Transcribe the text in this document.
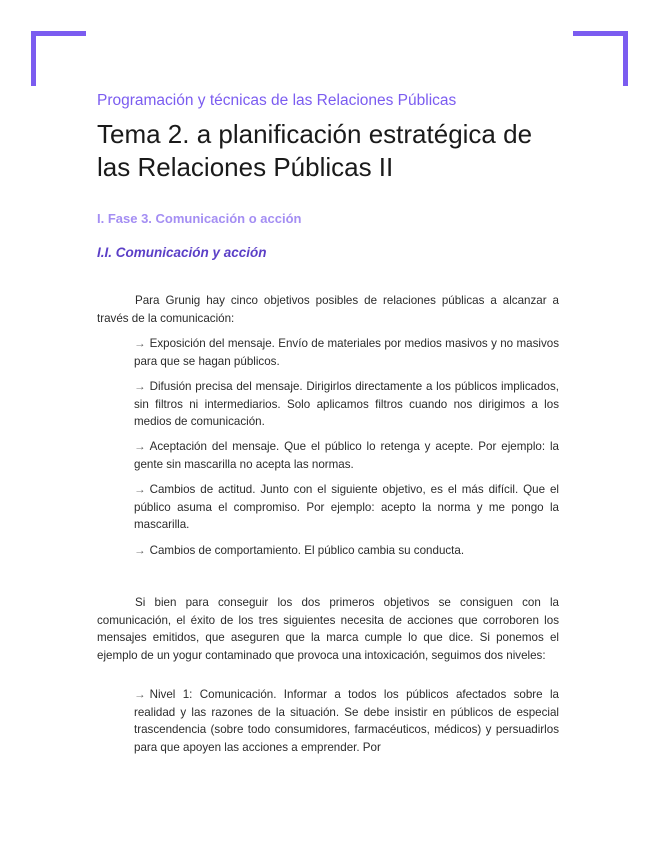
Programación y técnicas de las Relaciones Públicas
Tema 2. a planificación estratégica de las Relaciones Públicas II
I. Fase 3. Comunicación o acción
I.I. Comunicación y acción

Para Grunig hay cinco objetivos posibles de relaciones públicas a alcanzar a través de la comunicación:

→ Exposición del mensaje. Envío de materiales por medios masivos y no masivos para que se hagan públicos.

→ Difusión precisa del mensaje. Dirigirlos directamente a los públicos implicados, sin filtros ni intermediarios. Solo aplicamos filtros cuando nos dirigimos a los medios de comunicación.

→ Aceptación del mensaje. Que el público lo retenga y acepte. Por ejemplo: la gente sin mascarilla no acepta las normas.

→ Cambios de actitud. Junto con el siguiente objetivo, es el más difícil. Que el público asuma el compromiso. Por ejemplo: acepto la norma y me pongo la mascarilla.

→ Cambios de comportamiento. El público cambia su conducta.

Si bien para conseguir los dos primeros objetivos se consiguen con la comunicación, el éxito de los tres siguientes necesita de acciones que corroboren los mensajes emitidos, que aseguren que la marca cumple lo que dice. Si ponemos el ejemplo de un yogur contaminado que provoca una intoxicación, seguimos dos niveles:

→ Nivel 1: Comunicación. Informar a todos los públicos afectados sobre la realidad y las razones de la situación. Se debe insistir en públicos de especial trascendencia (sobre todo consumidores, farmacéuticos, médicos) y persuadirlos para que apoyen las acciones a emprender. Por
